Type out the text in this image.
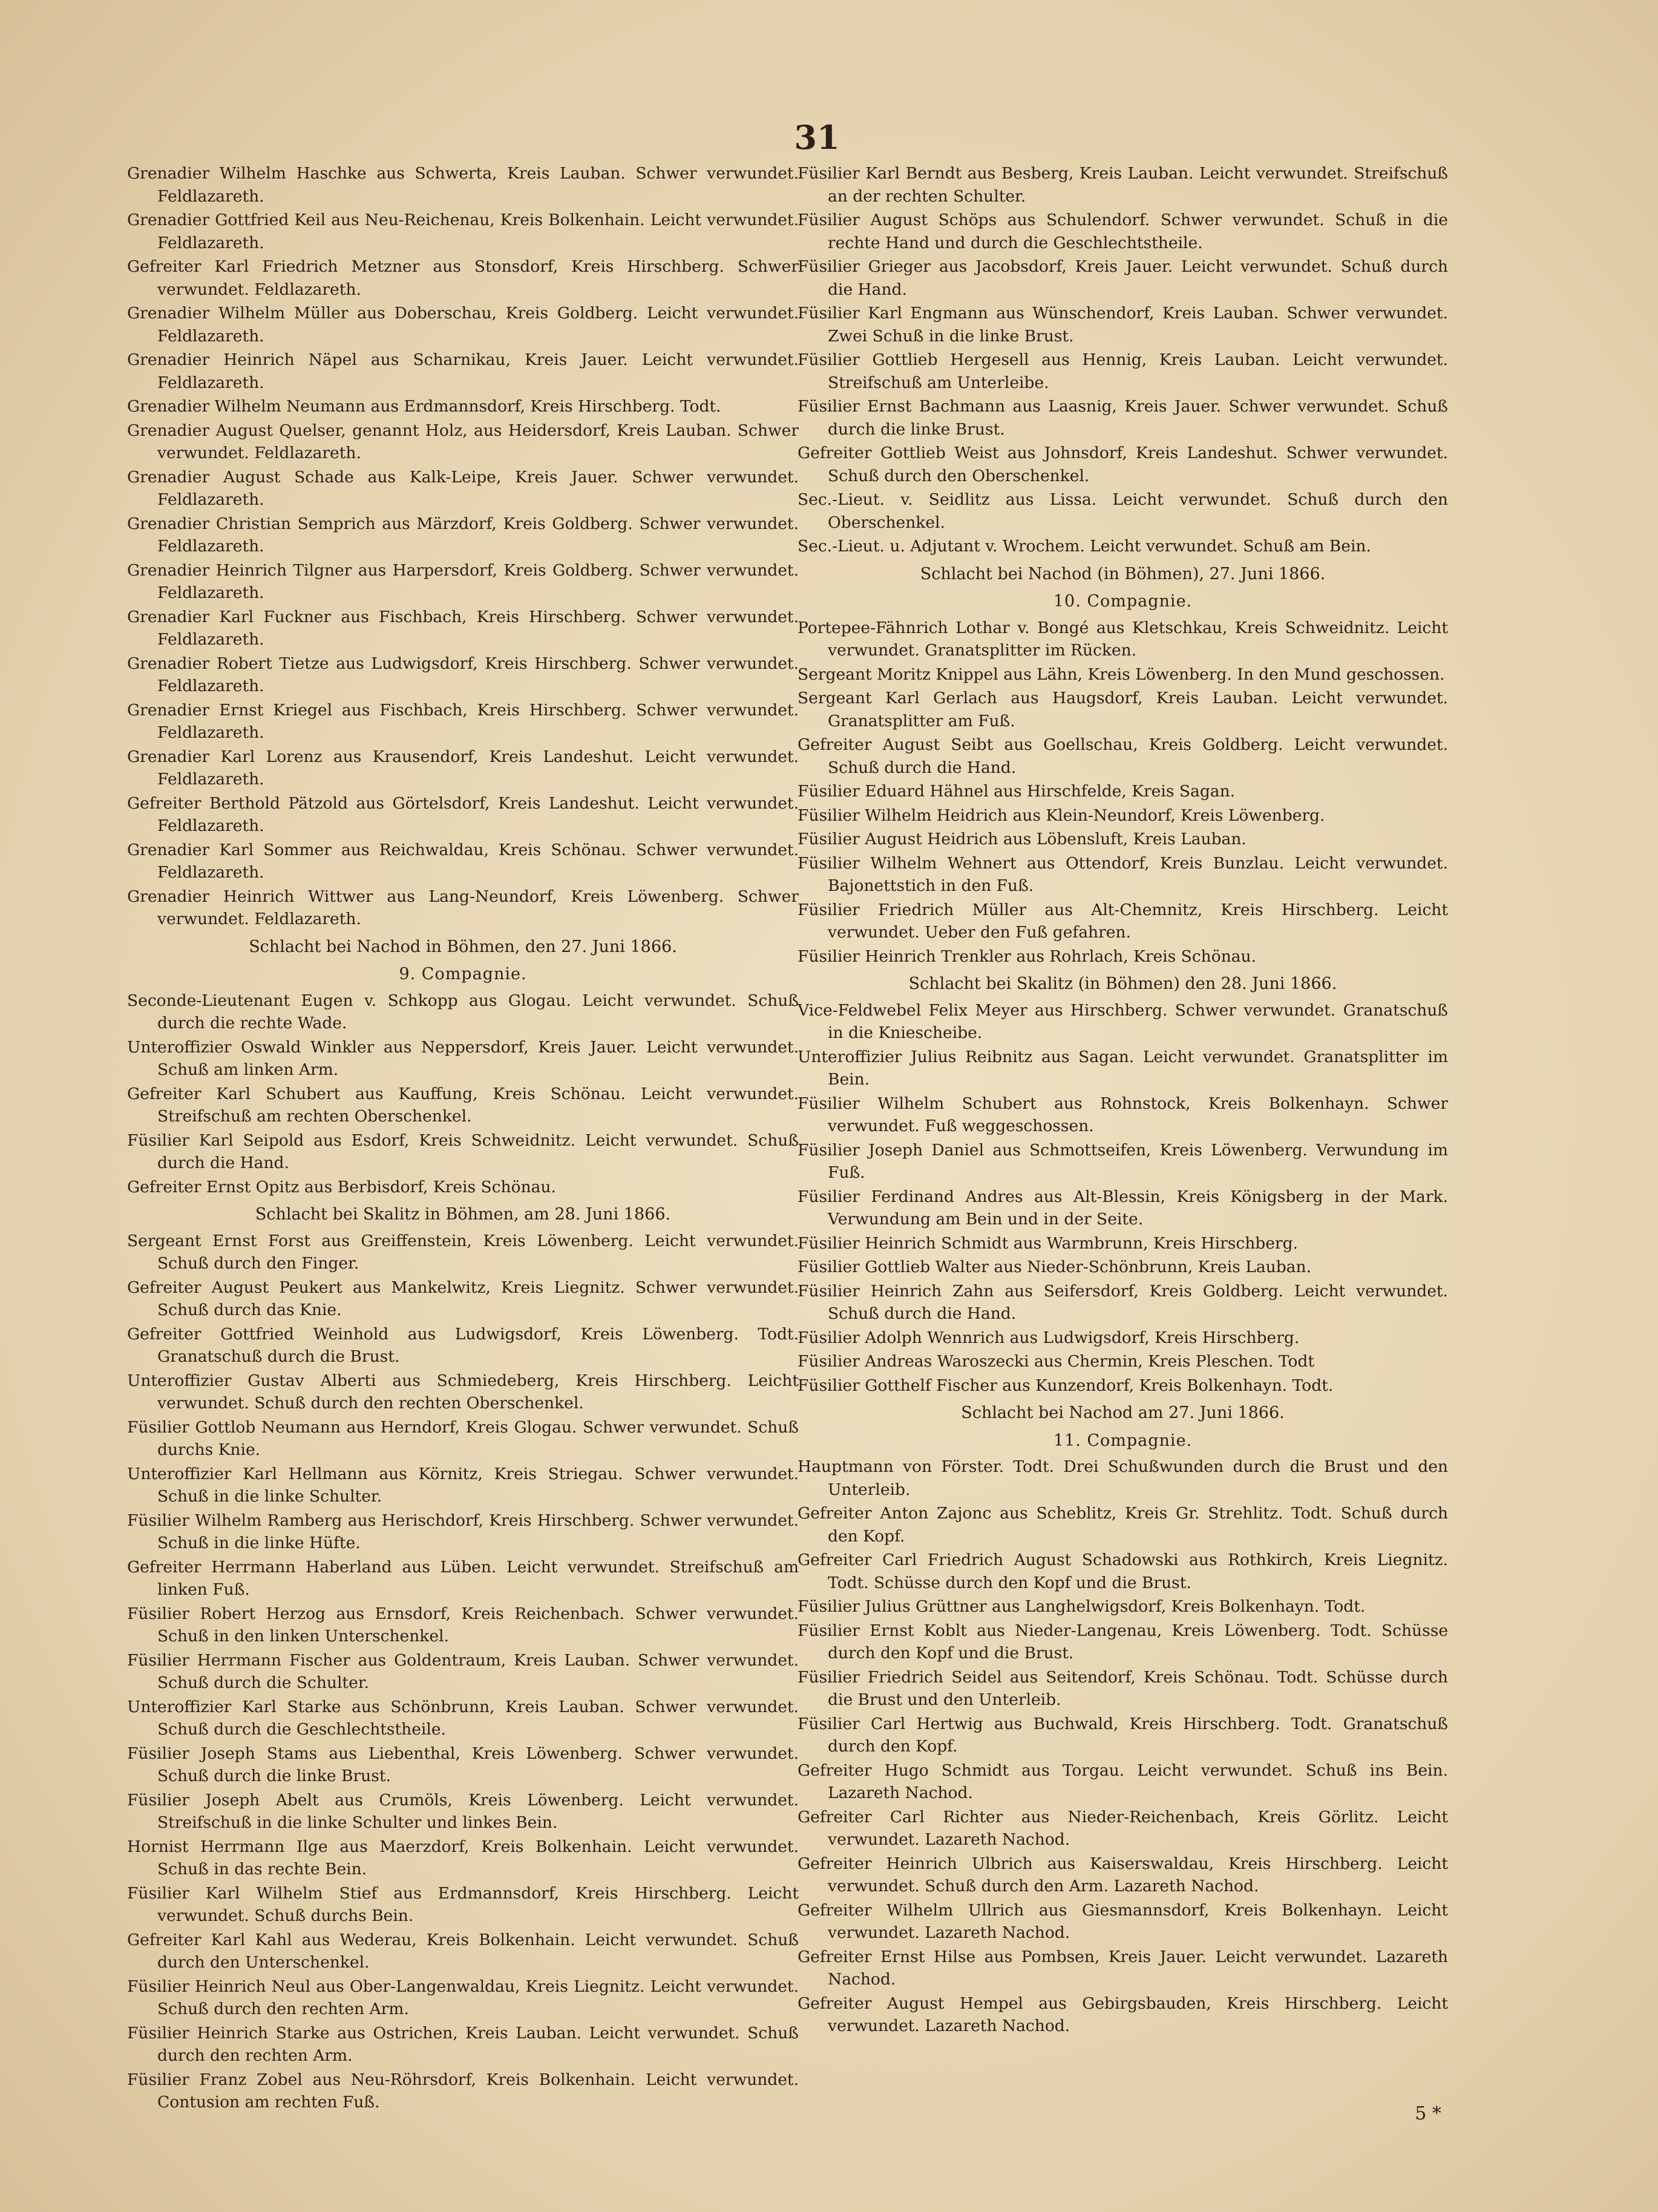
31
Grenadier Wilhelm Haschke aus Schwerta, Kreis Lauban. Schwer verwundet. Feldlazareth.
Grenadier Gottfried Keil aus Neu-Reichenau, Kreis Bolkenhain. Leicht verwundet. Feldlazareth.
Gefreiter Karl Friedrich Metzner aus Stonsdorf, Kreis Hirschberg. Schwer verwundet. Feldlazareth.
Grenadier Wilhelm Müller aus Doberschau, Kreis Goldberg. Leicht verwundet. Feldlazareth.
Grenadier Heinrich Näpel aus Scharnikau, Kreis Jauer. Leicht verwundet. Feldlazareth.
Grenadier Wilhelm Neumann aus Erdmannsdorf, Kreis Hirschberg. Todt.
Grenadier August Quelser, genannt Holz, aus Heidersdorf, Kreis Lauban. Schwer verwundet. Feldlazareth.
Grenadier August Schade aus Kalk-Leipe, Kreis Jauer. Schwer verwundet. Feldlazareth.
Grenadier Christian Semprich aus Märzdorf, Kreis Goldberg. Schwer verwundet. Feldlazareth.
Grenadier Heinrich Tilgner aus Harpersdorf, Kreis Goldberg. Schwer verwundet. Feldlazareth.
Grenadier Karl Fuckner aus Fischbach, Kreis Hirschberg. Schwer verwundet. Feldlazareth.
Grenadier Robert Tietze aus Ludwigsdorf, Kreis Hirschberg. Schwer verwundet. Feldlazareth.
Grenadier Ernst Kriegel aus Fischbach, Kreis Hirschberg. Schwer verwundet. Feldlazareth.
Grenadier Karl Lorenz aus Krausendorf, Kreis Landeshut. Leicht verwundet. Feldlazareth.
Gefreiter Berthold Pätzold aus Görtelsdorf, Kreis Landeshut. Leicht verwundet. Feldlazareth.
Grenadier Karl Sommer aus Reichwaldau, Kreis Schönau. Schwer verwundet. Feldlazareth.
Grenadier Heinrich Wittwer aus Lang-Neundorf, Kreis Löwenberg. Schwer verwundet. Feldlazareth.
Schlacht bei Nachod in Böhmen, den 27. Juni 1866.
9. Compagnie.
Seconde-Lieutenant Eugen v. Schkopp aus Glogau. Leicht verwundet. Schuß durch die rechte Wade.
Unteroffizier Oswald Winkler aus Neppersdorf, Kreis Jauer. Leicht verwundet. Schuß am linken Arm.
Gefreiter Karl Schubert aus Kauffung, Kreis Schönau. Leicht verwundet. Streifschuß am rechten Oberschenkel.
Füsilier Karl Seipold aus Esdorf, Kreis Schweidnitz. Leicht verwundet. Schuß durch die Hand.
Gefreiter Ernst Opitz aus Berbisdorf, Kreis Schönau.
Schlacht bei Skalitz in Böhmen, am 28. Juni 1866.
Sergeant Ernst Forst aus Greiffenstein, Kreis Löwenberg. Leicht verwundet. Schuß durch den Finger.
Gefreiter August Peukert aus Mankelwitz, Kreis Liegnitz. Schwer verwundet. Schuß durch das Knie.
Gefreiter Gottfried Weinhold aus Ludwigsdorf, Kreis Löwenberg. Todt. Granatschuß durch die Brust.
Unteroffizier Gustav Alberti aus Schmiedeberg, Kreis Hirschberg. Leicht verwundet. Schuß durch den rechten Oberschenkel.
Füsilier Gottlob Neumann aus Herndorf, Kreis Glogau. Schwer verwundet. Schuß durchs Knie.
Unteroffizier Karl Hellmann aus Körnitz, Kreis Striegau. Schwer verwundet. Schuß in die linke Schulter.
Füsilier Wilhelm Ramberg aus Herischdorf, Kreis Hirschberg. Schwer verwundet. Schuß in die linke Hüfte.
Gefreiter Herrmann Haberland aus Lüben. Leicht verwundet. Streifschuß am linken Fuß.
Füsilier Robert Herzog aus Ernsdorf, Kreis Reichenbach. Schwer verwundet. Schuß in den linken Unterschenkel.
Füsilier Herrmann Fischer aus Goldentraum, Kreis Lauban. Schwer verwundet. Schuß durch die Schulter.
Unteroffizier Karl Starke aus Schönbrunn, Kreis Lauban. Schwer verwundet. Schuß durch die Geschlechtstheile.
Füsilier Joseph Stams aus Liebenthal, Kreis Löwenberg. Schwer verwundet. Schuß durch die linke Brust.
Füsilier Joseph Abelt aus Crumöls, Kreis Löwenberg. Leicht verwundet. Streifschuß in die linke Schulter und linkes Bein.
Hornist Herrmann Ilge aus Maerzdorf, Kreis Bolkenhain. Leicht verwundet. Schuß in das rechte Bein.
Füsilier Karl Wilhelm Stief aus Erdmannsdorf, Kreis Hirschberg. Leicht verwundet. Schuß durchs Bein.
Gefreiter Karl Kahl aus Wederau, Kreis Bolkenhain. Leicht verwundet. Schuß durch den Unterschenkel.
Füsilier Heinrich Neul aus Ober-Langenwaldau, Kreis Liegnitz. Leicht verwundet. Schuß durch den rechten Arm.
Füsilier Heinrich Starke aus Ostrichen, Kreis Lauban. Leicht verwundet. Schuß durch den rechten Arm.
Füsilier Franz Zobel aus Neu-Röhrsdorf, Kreis Bolkenhain. Leicht verwundet. Contusion am rechten Fuß.
Füsilier Karl Berndt aus Besberg, Kreis Lauban. Leicht verwundet. Streifschuß an der rechten Schulter.
Füsilier August Schöps aus Schulendorf. Schwer verwundet. Schuß in die rechte Hand und durch die Geschlechtstheile.
Füsilier Grieger aus Jacobsdorf, Kreis Jauer. Leicht verwundet. Schuß durch die Hand.
Füsilier Karl Engmann aus Wünschendorf, Kreis Lauban. Schwer verwundet. Zwei Schuß in die linke Brust.
Füsilier Gottlieb Hergesell aus Hennig, Kreis Lauban. Leicht verwundet. Streifschuß am Unterleibe.
Füsilier Ernst Bachmann aus Laasnig, Kreis Jauer. Schwer verwundet. Schuß durch die linke Brust.
Gefreiter Gottlieb Weist aus Johnsdorf, Kreis Landeshut. Schwer verwundet. Schuß durch den Oberschenkel.
Sec.-Lieut. v. Seidlitz aus Lissa. Leicht verwundet. Schuß durch den Oberschenkel.
Sec.-Lieut. u. Adjutant v. Wrochem. Leicht verwundet. Schuß am Bein.
Schlacht bei Nachod (in Böhmen), 27. Juni 1866.
10. Compagnie.
Portepee-Fähnrich Lothar v. Bongé aus Kletschkau, Kreis Schweidnitz. Leicht verwundet. Granatsplitter im Rücken.
Sergeant Moritz Knippel aus Lähn, Kreis Löwenberg. In den Mund geschossen.
Sergeant Karl Gerlach aus Haugsdorf, Kreis Lauban. Leicht verwundet. Granatsplitter am Fuß.
Gefreiter August Seibt aus Goellschau, Kreis Goldberg. Leicht verwundet. Schuß durch die Hand.
Füsilier Eduard Hähnel aus Hirschfelde, Kreis Sagan.
Füsilier Wilhelm Heidrich aus Klein-Neundorf, Kreis Löwenberg.
Füsilier August Heidrich aus Löbensluft, Kreis Lauban.
Füsilier Wilhelm Wehnert aus Ottendorf, Kreis Bunzlau. Leicht verwundet. Bajonettstich in den Fuß.
Füsilier Friedrich Müller aus Alt-Chemnitz, Kreis Hirschberg. Leicht verwundet. Ueber den Fuß gefahren.
Füsilier Heinrich Trenkler aus Rohrlach, Kreis Schönau.
Schlacht bei Skalitz (in Böhmen) den 28. Juni 1866.
Vice-Feldwebel Felix Meyer aus Hirschberg. Schwer verwundet. Granatschuß in die Kniescheibe.
Unteroffizier Julius Reibnitz aus Sagan. Leicht verwundet. Granatsplitter im Bein.
Füsilier Wilhelm Schubert aus Rohnstock, Kreis Bolkenhayn. Schwer verwundet. Fuß weggeschossen.
Füsilier Joseph Daniel aus Schmottseifen, Kreis Löwenberg. Verwundung im Fuß.
Füsilier Ferdinand Andres aus Alt-Blessin, Kreis Königsberg in der Mark. Verwundung am Bein und in der Seite.
Füsilier Heinrich Schmidt aus Warmbrunn, Kreis Hirschberg.
Füsilier Gottlieb Walter aus Nieder-Schönbrunn, Kreis Lauban.
Füsilier Heinrich Zahn aus Seifersdorf, Kreis Goldberg. Leicht verwundet. Schuß durch die Hand.
Füsilier Adolph Wennrich aus Ludwigsdorf, Kreis Hirschberg.
Füsilier Andreas Waroszecki aus Chermin, Kreis Pleschen. Todt
Füsilier Gotthelf Fischer aus Kunzendorf, Kreis Bolkenhayn. Todt.
Schlacht bei Nachod am 27. Juni 1866.
11. Compagnie.
Hauptmann von Förster. Todt. Drei Schußwunden durch die Brust und den Unterleib.
Gefreiter Anton Zajonc aus Scheblitz, Kreis Gr. Strehlitz. Todt. Schuß durch den Kopf.
Gefreiter Carl Friedrich August Schadowski aus Rothkirch, Kreis Liegnitz. Todt. Schüsse durch den Kopf und die Brust.
Füsilier Julius Grüttner aus Langhelwigsdorf, Kreis Bolkenhayn. Todt.
Füsilier Ernst Koblt aus Nieder-Langenau, Kreis Löwenberg. Todt. Schüsse durch den Kopf und die Brust.
Füsilier Friedrich Seidel aus Seitendorf, Kreis Schönau. Todt. Schüsse durch die Brust und den Unterleib.
Füsilier Carl Hertwig aus Buchwald, Kreis Hirschberg. Todt. Granatschuß durch den Kopf.
Gefreiter Hugo Schmidt aus Torgau. Leicht verwundet. Schuß ins Bein. Lazareth Nachod.
Gefreiter Carl Richter aus Nieder-Reichenbach, Kreis Görlitz. Leicht verwundet. Lazareth Nachod.
Gefreiter Heinrich Ulbrich aus Kaiserswaldau, Kreis Hirschberg. Leicht verwundet. Schuß durch den Arm. Lazareth Nachod.
Gefreiter Wilhelm Ullrich aus Giesmannsdorf, Kreis Bolkenhayn. Leicht verwundet. Lazareth Nachod.
Gefreiter Ernst Hilse aus Pombsen, Kreis Jauer. Leicht verwundet. Lazareth Nachod.
Gefreiter August Hempel aus Gebirgsbauden, Kreis Hirschberg. Leicht verwundet. Lazareth Nachod.
5 *
